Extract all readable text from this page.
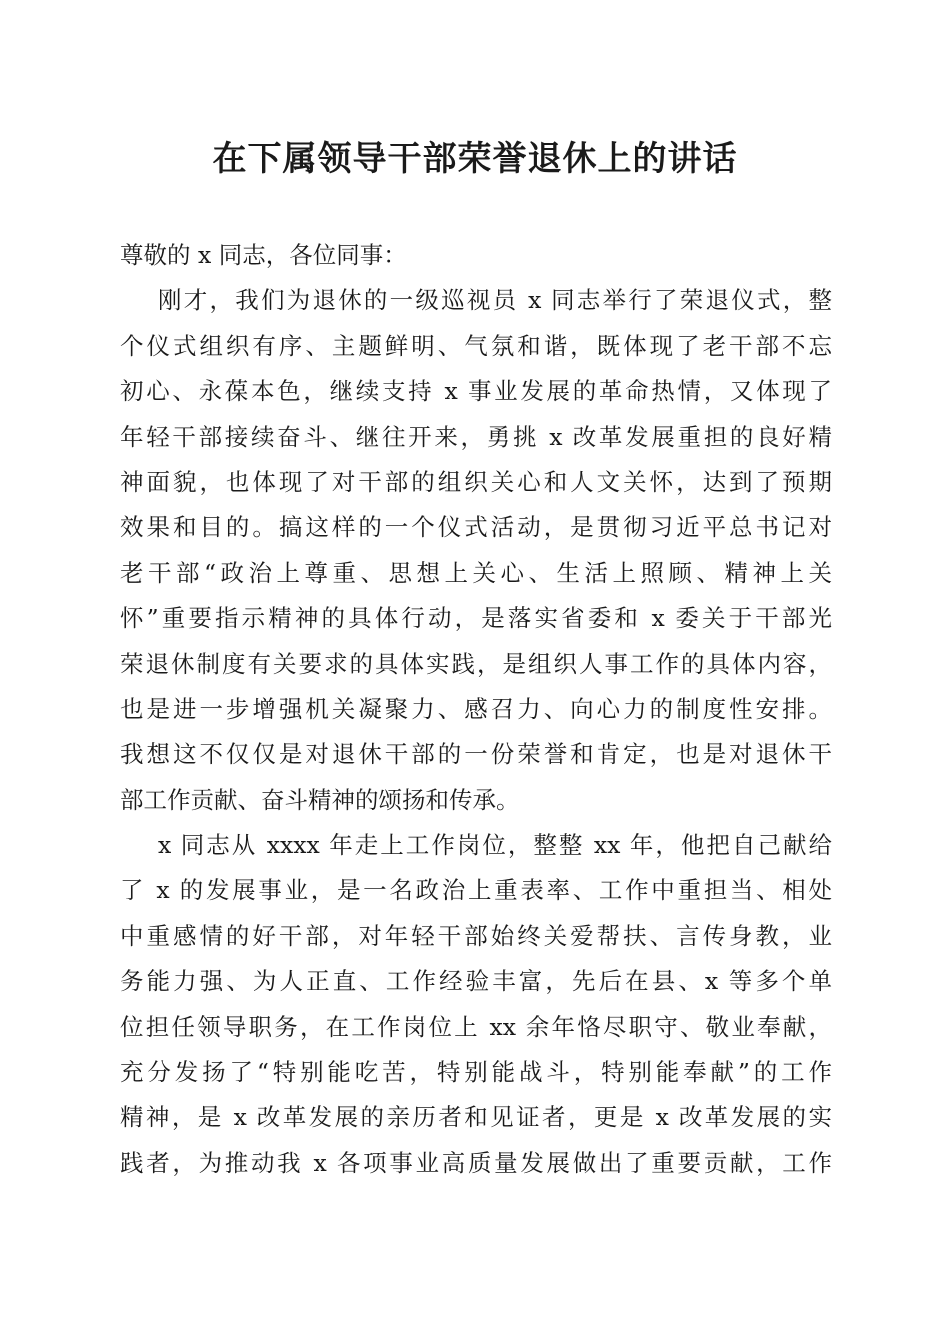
在下属领导干部荣誉退休上的讲话
尊敬的 x 同志，各位同事：
刚才，我们为退休的一级巡视员 x 同志举行了荣退仪式，整
个仪式组织有序、主题鲜明、气氛和谐，既体现了老干部不忘
初心、永葆本色，继续支持 x 事业发展的革命热情，又体现了
年轻干部接续奋斗、继往开来，勇挑 x 改革发展重担的良好精
神面貌，也体现了对干部的组织关心和人文关怀，达到了预期
效果和目的。搞这样的一个仪式活动，是贯彻习近平总书记对
老干部“政治上尊重、思想上关心、生活上照顾、精神上关
怀”重要指示精神的具体行动，是落实省委和 x 委关于干部光
荣退休制度有关要求的具体实践，是组织人事工作的具体内容，
也是进一步增强机关凝聚力、感召力、向心力的制度性安排。
我想这不仅仅是对退休干部的一份荣誉和肯定，也是对退休干
部工作贡献、奋斗精神的颂扬和传承。
x 同志从 xxxx 年走上工作岗位，整整 xx 年，他把自己献给
了 x 的发展事业，是一名政治上重表率、工作中重担当、相处
中重感情的好干部，对年轻干部始终关爱帮扶、言传身教，业
务能力强、为人正直、工作经验丰富，先后在县、x 等多个单
位担任领导职务，在工作岗位上 xx 余年恪尽职守、敬业奉献，
充分发扬了“特别能吃苦，特别能战斗，特别能奉献”的工作
精神，是 x 改革发展的亲历者和见证者，更是 x 改革发展的实
践者，为推动我 x 各项事业高质量发展做出了重要贡献，工作
